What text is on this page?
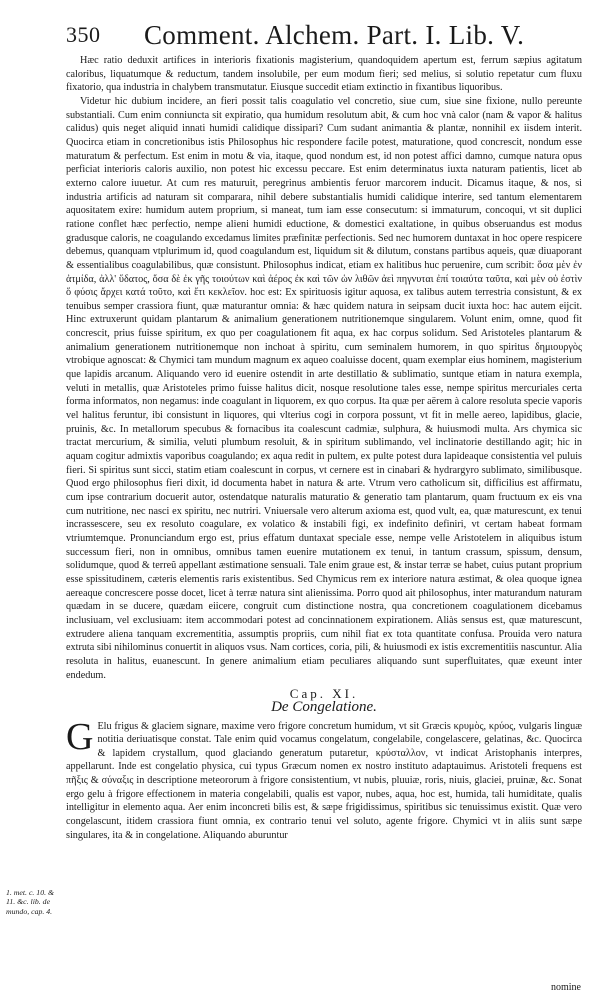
350 Comment. Alchem. Part. I. Lib. V.

Hæc ratio deduxit artifices in interioris fixationis magisterium, quandoquidem apertum est, ferrum sæpius agitatum caloribus, liquatumque & reductum, tandem insolubile, per eum modum fieri; sed melius, si solutio repetatur cum fluxu fixatorio, qua industria in chalybem transmutatur. Eiusque succedit etiam extinctio in fixantibus liquoribus.

Videtur hic dubium incidere, an fieri possit talis coagulatio vel concretio, siue cum, siue sine fixione, nullo pereunte substantiali. Cum enim conniuncta sit expiratio, qua humidum resolutum abit, & cum hoc vnà calor (nam & vapor & halitus calidus) quis neget aliquid innati humidi calidique dissipari? Cum sudant animantia & plantæ, nonnihil ex iisdem interit. Quocirca etiam in concretionibus istis Philosophus hic respondere facile potest, maturatione, quod concrescit, nondum esse maturatum & perfectum. Est enim in motu & via, itaque, quod nondum est, id non potest affici damno, cumque natura opus perficiat interioris caloris auxilio, non potest hic excessu peccare. Est enim determinatus iuxta naturam patientis, licet ab externo calore iuuetur. At cum res maturuit, peregrinus ambientis feruor marcorem inducit. Dicamus itaque, & nos, si industria artificis ad naturam sit comparara, nihil debere substantialis humidi calidique interire, sed tantum elementarem aquositatem exire: humidum autem proprium, si maneat, tum iam esse consecutum: si immaturum, concoqui, vt sit duplici ratione conflet hæc perfectio, nempe alieni humidi eductione, & domestici exaltatione, in quibus obseruandus est modus gradusque caloris, ne coagulando excedamus limites præfinitæ perfectionis. Sed nec humorem duntaxat in hoc opere respicere debemus, quanquam vtplurimum id, quod coagulandum est, liquidum sit & dilutum, constans partibus aqueis, quæ diuaporant & essentialibus coagulabilibus, quæ consistunt. Philosophus indicat, etiam ex halitibus huc peruenire, cum scribit: ὅσα μὲν ἐν ἀτμίδα, ἀλλ' ὕδατος, ὅσα δὲ ἐκ γῆς τοιούτων καὶ ἀέρος ἐκ καὶ τῶν ὡν λιθῶν ἀεὶ πηγνυται ἐπί τοιαύτα ταῦτα, καὶ μὲν οὐ ἐστὶν ὅ φύσις ἄρχει κατά τοῦτο, καὶ ἔτι κεκλεῖον. hoc est: Ex spirituosis igitur aquosa, ex talibus autem terrestria consistunt, & ex tenuibus semper crassiora fiunt, quæ maturantur omnia: & hæc quidem natura in seipsam ducit iuxta hoc: hac autem eijcit. Hinc extruxerunt quidam plantarum & animalium generationem nutritionemque singularem. Volunt enim, omne, quod fit concrescit, prius fuisse spiritum, ex quo per coagulationem fit aqua, ex hac corpus solidum. Sed Aristoteles plantarum & animalium generationem nutritionemque non inchoat à spiritu, cum seminalem humorem, in quo spiritus δημιουργὸς vtrobique agnoscat: & Chymici tam mundum magnum ex aqueo coaluisse docent, quam exemplar eius hominem, magisterium que lapidis arcanum. Aliquando vero id euenire ostendit in arte destillatio & sublimatio, suntque etiam in natura exempla, veluti in metallis, quæ Aristoteles primo fuisse halitus dicit, nosque resolutione tales esse, nempe spiritus mercuriales certa forma informatos, non negamus: inde coagulant in liquorem, ex quo corpus. Ita quæ per aërem à calore resoluta specie vaporis vel halitus feruntur, ibi consistunt in liquores, qui vlterius cogi in corpora possunt, vt fit in melle aereo, lapidibus, glacie, pruinis, &c. In metallorum specubus & fornacibus ita coalescunt cadmiæ, sulphura, & huiusmodi multa. Ars chymica sic tractat mercurium, & similia, veluti plumbum resoluit, & in spiritum sublimando, vel inclinatorie destillando agit; hic in aquam cogitur admixtis vaporibus coagulando; ex aqua redit in pultem, ex pulte potest dura lapideaque consistentia vel puluis fieri. Si spiritus sunt sicci, statim etiam coalescunt in corpus, vt cernere est in cinabari & hydrargyro sublimato, similibusque. Quod ergo philosophus fieri dixit, id documenta habet in natura & arte. Vtrum vero catholicum sit, difficilius est affirmatu, cum ipse contrarium docuerit autor, ostendatque naturalis maturatio & generatio tam plantarum, quam fructuum ex eis vna cum nutritione, nec nasci ex spiritu, nec nutriri. Vniuersale vero alterum axioma est, quod vult, ea, quæ maturescunt, ex tenui incrassescere, seu ex resoluto coagulare, ex volatico & instabili figi, ex indefinito definiri, vt certam habeat formam vtriumtemque. Pronunciandum ergo est, prius effatum duntaxat speciale esse, nempe velle Aristotelem in aliquibus istum successum fieri, non in omnibus, omnibus tamen euenire mutationem ex tenui, in tantum crassum, spissum, densum, solidumque, quod & terreũ appellant æstimatione sensuali. Tale enim graue est, & instar terræ se habet, cuius putant proprium esse spissitudinem, cæteris elementis raris existentibus. Sed Chymicus rem ex interiore natura æstimat, & olea quoque ignea aereaque concrescere posse docet, licet à terræ natura sint alienissima. Porro quod ait philosophus, inter maturandum naturam quædam in se ducere, quædam eiicere, congruit cum distinctione nostra, qua concretionem coagulationem dicebamus inclusiuam, vel exclusiuam: item accommodari potest ad concinnationem expirationem. Aliàs sensus est, quæ maturescunt, extrudere aliena tanquam excrementitia, assumptis propriis, cum nihil fiat ex tota quantitate confusa. Prouida vero natura extruta sibi nihilominus conuertit in aliquos vsus. Nam cortices, coria, pili, & huiusmodi ex istis excrementitiis nascuntur. Alia resoluta in halitus, euanescunt. In genere animalium etiam peculiares aliquando sunt superfluitates, quæ exeunt inter endedum.

Cap. XI.
De Congelatione.

G Elu frigus & glaciem signare, maxime vero frigore concretum humidum, vt sit Græcis κρυμὸς, κρύος, vulgaris linguæ notitia deriuatisque constat. Tale enim quid vocamus congelatum, congelabile, congelascere, gelatinas, &c. Quocirca & lapidem crystallum, quod glaciando generatum putaretur, κρύσταλλον, vt indicat Aristophanis interpres, appellarunt. Inde est congelatio physica, cui typus Græcum nomen ex nostro instituto adaptauimus. Aristoteli frequens est πῆξις & σύναξις in descriptione meteororum à frigore consistentium, vt nubis, pluuiæ, roris, niuis, glaciei, pruinæ, &c. Sonat ergo gelu à frigore effectionem in materia congelabili, qualis est vapor, nubes, aqua, hoc est, humida, tali humiditate, qualis intelligitur in elemento aqua. Aer enim inconcreti bilis est, & sæpe frigidissimus, spiritibus sic tenuissimus existit. Quæ vero congelascunt, itidem crassiora fiunt omnia, ex contrario tenui vel soluto, agente frigore. Chymici vt in aliis sunt sæpe singulares, ita & in congelatione. Aliquando aburuntur

1. met. c. 10. & 11. &c. lib. de mundo, cap. 4.
nomine
